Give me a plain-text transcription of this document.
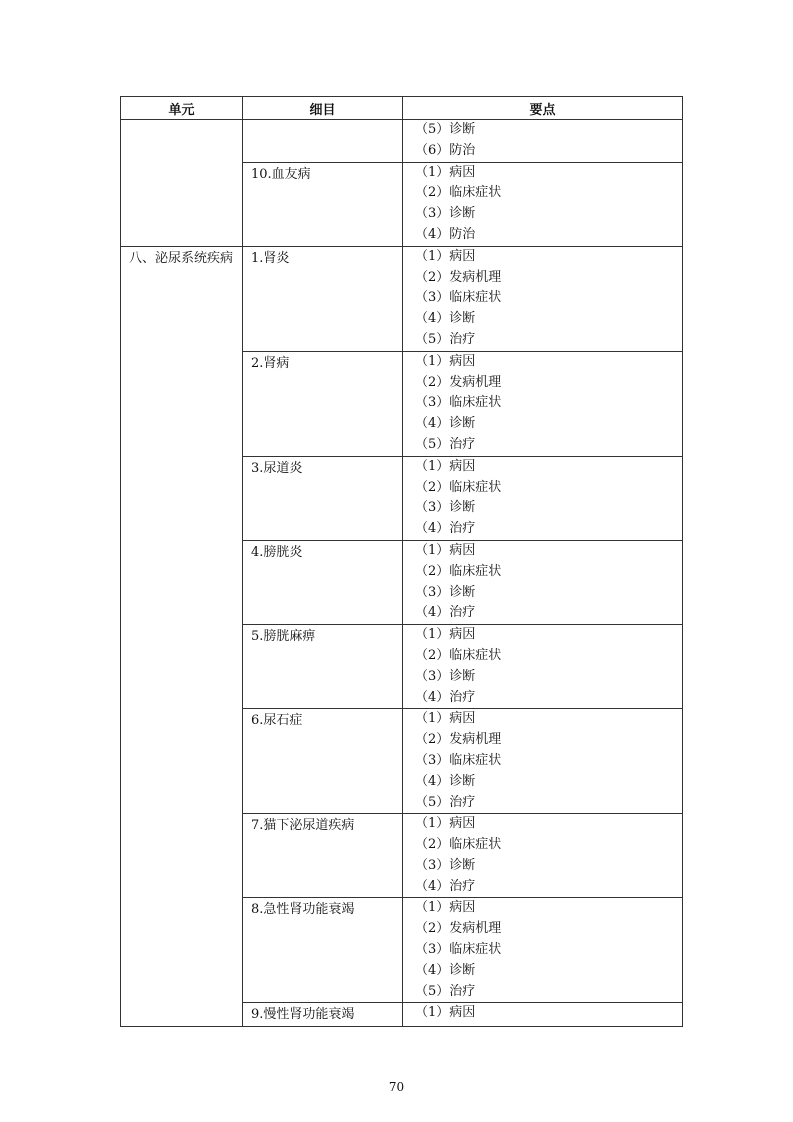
单元	细目	要点

		（5）诊断
（6）防治

	10.血友病	（1）病因
（2）临床症状
（3）诊断
（4）防治

八、泌尿系统疾病	1.肾炎	（1）病因
（2）发病机理
（3）临床症状
（4）诊断
（5）治疗

	2.肾病	（1）病因
（2）发病机理
（3）临床症状
（4）诊断
（5）治疗

	3.尿道炎	（1）病因
（2）临床症状
（3）诊断
（4）治疗

	4.膀胱炎	（1）病因
（2）临床症状
（3）诊断
（4）治疗

	5.膀胱麻痹	（1）病因
（2）临床症状
（3）诊断
（4）治疗

	6.尿石症	（1）病因
（2）发病机理
（3）临床症状
（4）诊断
（5）治疗

	7.猫下泌尿道疾病	（1）病因
（2）临床症状
（3）诊断
（4）治疗

	8.急性肾功能衰竭	（1）病因
（2）发病机理
（3）临床症状
（4）诊断
（5）治疗

	9.慢性肾功能衰竭	（1）病因
70
